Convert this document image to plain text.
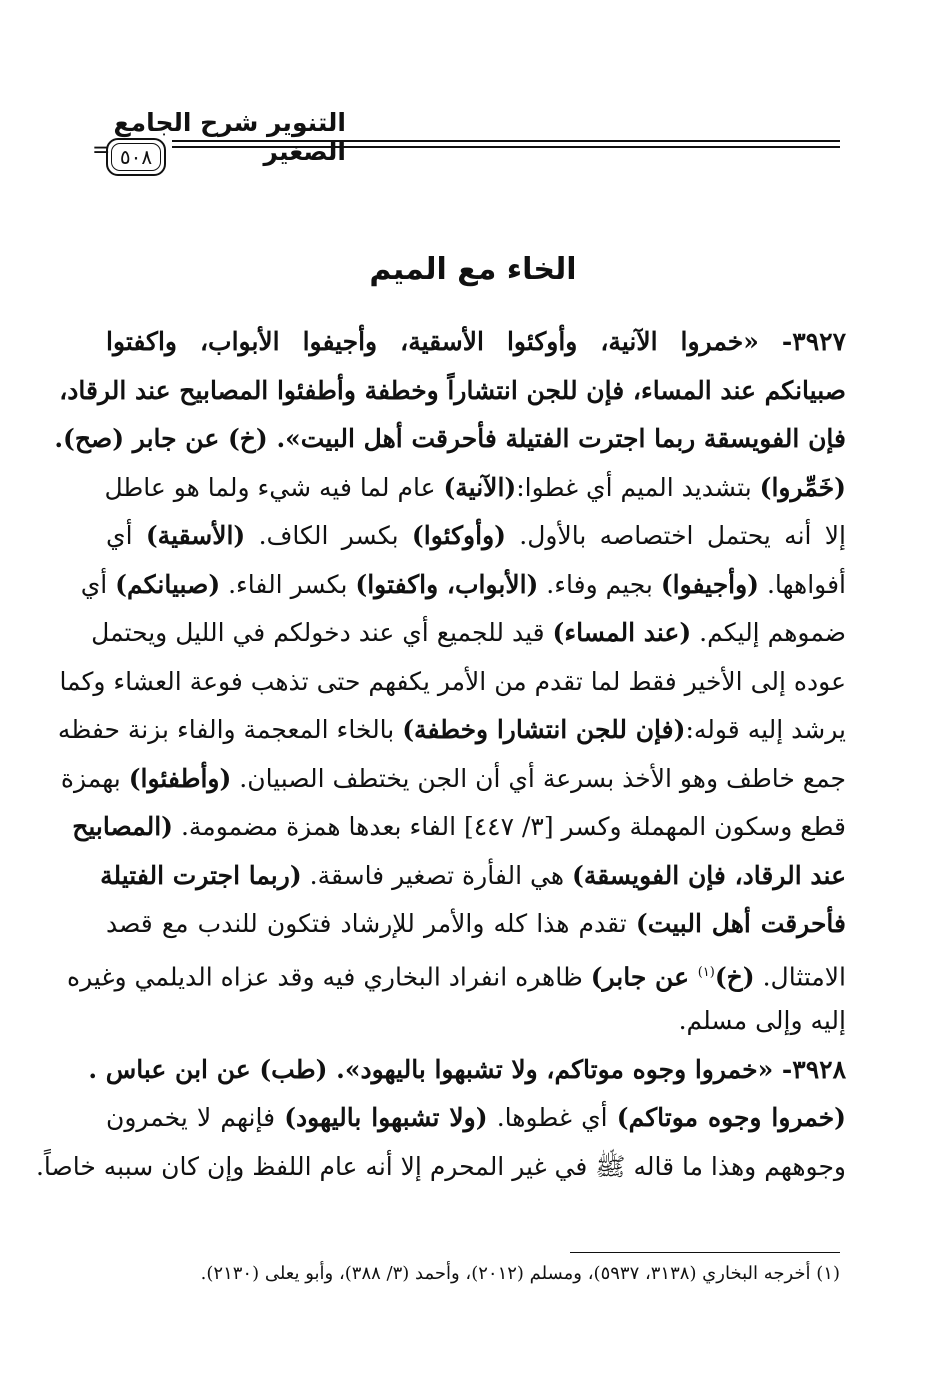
التنوير شرح الجامع الصغير
٥٠٨
=
الخاء مع الميم
٣٩٢٧- «خمروا الآنية، وأوكئوا الأسقية، وأجيفوا الأبواب، واكفتوا
صبيانكم عند المساء، فإن للجن انتشاراً وخطفة وأطفئوا المصابيح عند الرقاد،
فإن الفويسقة ربما اجترت الفتيلة فأحرقت أهل البيت». (خ) عن جابر (صح).
(خَمِّروا) بتشديد الميم أي غطوا:(الآنية) عام لما فيه شيء ولما هو عاطل
إلا أنه يحتمل اختصاصه بالأول. (وأوكئوا) بكسر الكاف. (الأسقية) أي
أفواهها. (وأجيفوا) بجيم وفاء. (الأبواب، واكفتوا) بكسر الفاء. (صبيانكم) أي
ضموهم إليكم. (عند المساء) قيد للجميع أي عند دخولكم في الليل ويحتمل
عوده إلى الأخير فقط لما تقدم من الأمر يكفهم حتى تذهب فوعة العشاء وكما
يرشد إليه قوله:(فإن للجن انتشارا وخطفة) بالخاء المعجمة والفاء بزنة حفظه
جمع خاطف وهو الأخذ بسرعة أي أن الجن يختطف الصبيان. (وأطفئوا) بهمزة
قطع وسكون المهملة وكسر [٣/ ٤٤٧] الفاء بعدها همزة مضمومة. (المصابيح
عند الرقاد، فإن الفويسقة) هي الفأرة تصغير فاسقة. (ربما اجترت الفتيلة
فأحرقت أهل البيت) تقدم هذا كله والأمر للإرشاد فتكون للندب مع قصد
الامتثال. (خ)$^{(١)}$ عن جابر) ظاهره انفراد البخاري فيه وقد عزاه الديلمي وغيره
إليه وإلى مسلم.
٣٩٢٨- «خمروا وجوه موتاكم، ولا تشبهوا باليهود». (طب) عن ابن عباس .
(خمروا وجوه موتاكم) أي غطوها. (ولا تشبهوا باليهود) فإنهم لا يخمرون
وجوههم وهذا ما قاله ﷺ في غير المحرم إلا أنه عام اللفظ وإن كان سببه خاصاً.
(١) أخرجه البخاري (٣١٣٨، ٥٩٣٧)، ومسلم (٢٠١٢)، وأحمد (٣/ ٣٨٨)، وأبو يعلى (٢١٣٠).
